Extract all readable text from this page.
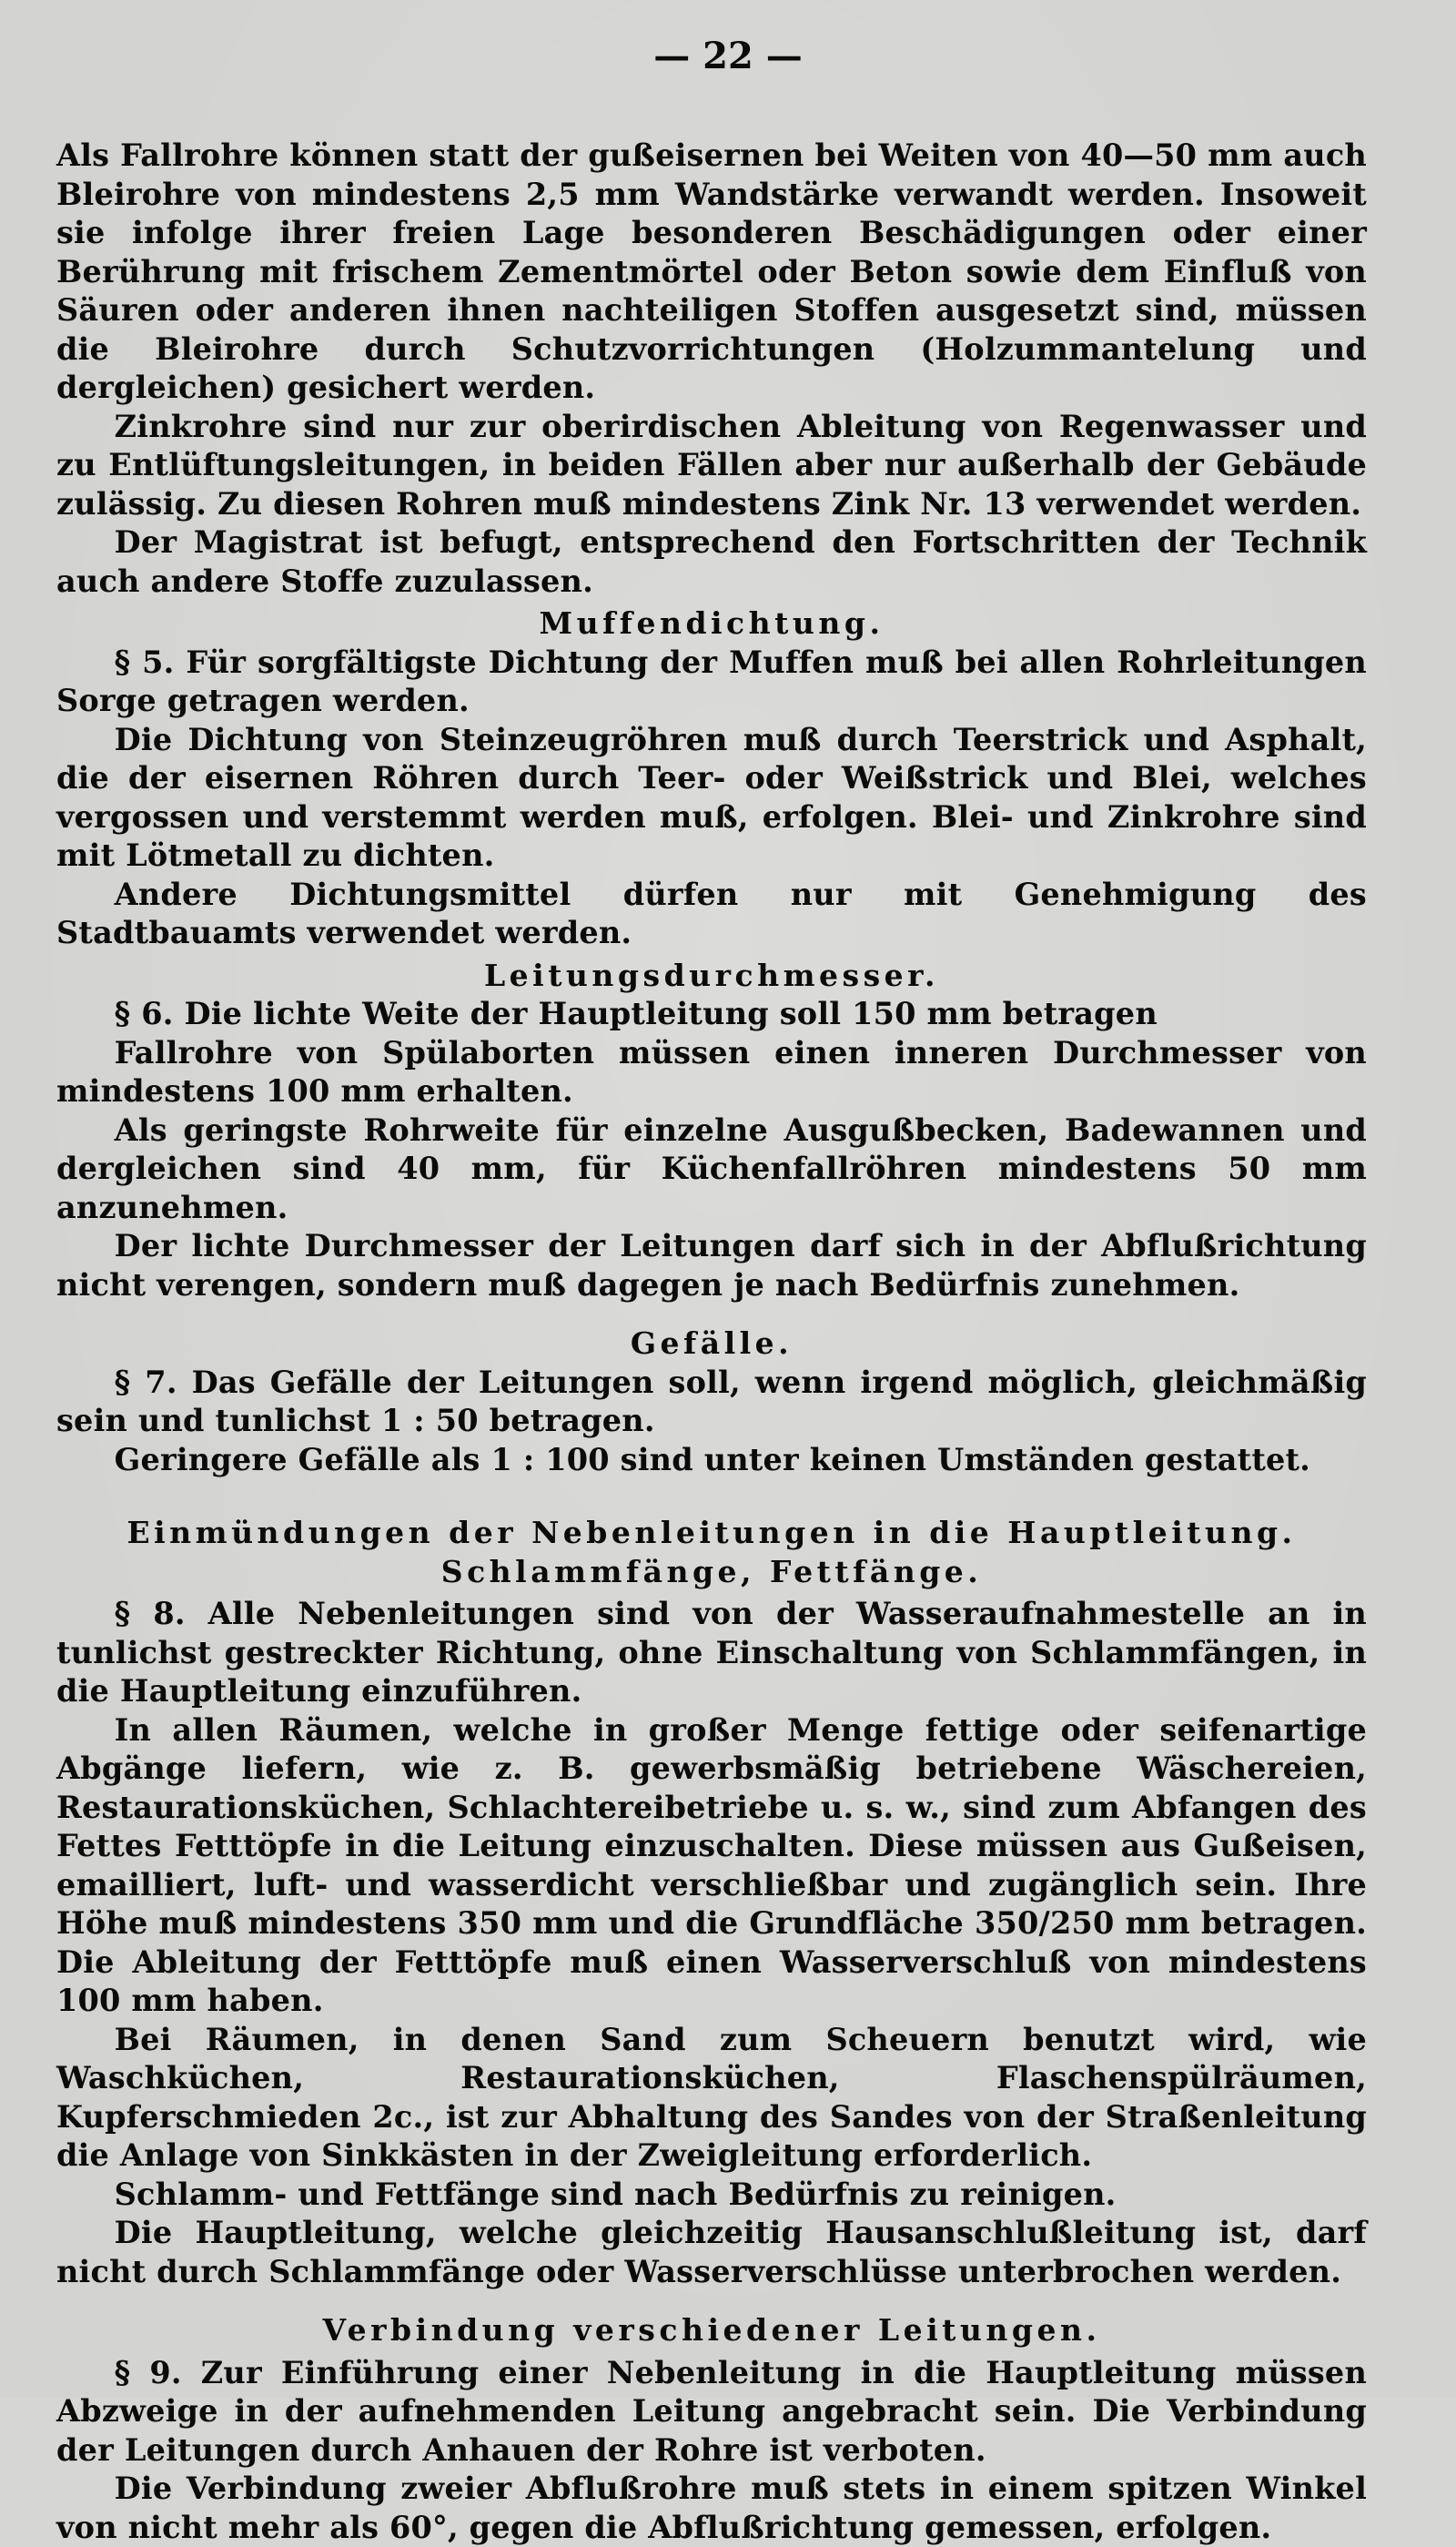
— 22 —

Als Fallrohre können statt der gußeisernen bei Weiten von 40—50 mm auch Bleirohre von mindestens 2,5 mm Wandstärke verwandt werden. Insoweit sie infolge ihrer freien Lage besonderen Beschädigungen oder einer Berührung mit frischem Zementmörtel oder Beton sowie dem Einfluß von Säuren oder anderen ihnen nachteiligen Stoffen ausgesetzt sind, müssen die Bleirohre durch Schutzvorrichtungen (Holzummantelung und dergleichen) gesichert werden.

Zinkrohre sind nur zur oberirdischen Ableitung von Regenwasser und zu Entlüftungsleitungen, in beiden Fällen aber nur außerhalb der Gebäude zulässig. Zu diesen Rohren muß mindestens Zink Nr. 13 verwendet werden.

Der Magistrat ist befugt, entsprechend den Fortschritten der Technik auch andere Stoffe zuzulassen.

Muffendichtung.

§ 5. Für sorgfältigste Dichtung der Muffen muß bei allen Rohrleitungen Sorge getragen werden.

Die Dichtung von Steinzeugröhren muß durch Teerstrick und Asphalt, die der eisernen Röhren durch Teer- oder Weißstrick und Blei, welches vergossen und verstemmt werden muß, erfolgen. Blei- und Zinkrohre sind mit Lötmetall zu dichten.

Andere Dichtungsmittel dürfen nur mit Genehmigung des Stadtbauamts verwendet werden.

Leitungsdurchmesser.

§ 6. Die lichte Weite der Hauptleitung soll 150 mm betragen

Fallrohre von Spülaborten müssen einen inneren Durchmesser von mindestens 100 mm erhalten.

Als geringste Rohrweite für einzelne Ausgußbecken, Badewannen und dergleichen sind 40 mm, für Küchenfallröhren mindestens 50 mm anzunehmen.

Der lichte Durchmesser der Leitungen darf sich in der Abflußrichtung nicht verengen, sondern muß dagegen je nach Bedürfnis zunehmen.

Gefälle.

§ 7. Das Gefälle der Leitungen soll, wenn irgend möglich, gleichmäßig sein und tunlichst 1 : 50 betragen.

Geringere Gefälle als 1 : 100 sind unter keinen Umständen gestattet.

Einmündungen der Nebenleitungen in die Hauptleitung.
Schlammfänge, Fettfänge.

§ 8. Alle Nebenleitungen sind von der Wasseraufnahmestelle an in tunlichst gestreckter Richtung, ohne Einschaltung von Schlammfängen, in die Hauptleitung einzuführen.

In allen Räumen, welche in großer Menge fettige oder seifenartige Abgänge liefern, wie z. B. gewerbsmäßig betriebene Wäschereien, Restaurationsküchen, Schlachtereibetriebe u. s. w., sind zum Abfangen des Fettes Fetttöpfe in die Leitung einzuschalten. Diese müssen aus Gußeisen, emailliert, luft- und wasserdicht verschließbar und zugänglich sein. Ihre Höhe muß mindestens 350 mm und die Grundfläche 350/250 mm betragen. Die Ableitung der Fetttöpfe muß einen Wasserverschluß von mindestens 100 mm haben.

Bei Räumen, in denen Sand zum Scheuern benutzt wird, wie Waschküchen, Restaurationsküchen, Flaschenspülräumen, Kupferschmieden 2c., ist zur Abhaltung des Sandes von der Straßenleitung die Anlage von Sinkkästen in der Zweigleitung erforderlich.

Schlamm- und Fettfänge sind nach Bedürfnis zu reinigen.

Die Hauptleitung, welche gleichzeitig Hausanschlußleitung ist, darf nicht durch Schlammfänge oder Wasserverschlüsse unterbrochen werden.

Verbindung verschiedener Leitungen.

§ 9. Zur Einführung einer Nebenleitung in die Hauptleitung müssen Abzweige in der aufnehmenden Leitung angebracht sein. Die Verbindung der Leitungen durch Anhauen der Rohre ist verboten.

Die Verbindung zweier Abflußrohre muß stets in einem spitzen Winkel von nicht mehr als 60°, gegen die Abflußrichtung gemessen, erfolgen.
